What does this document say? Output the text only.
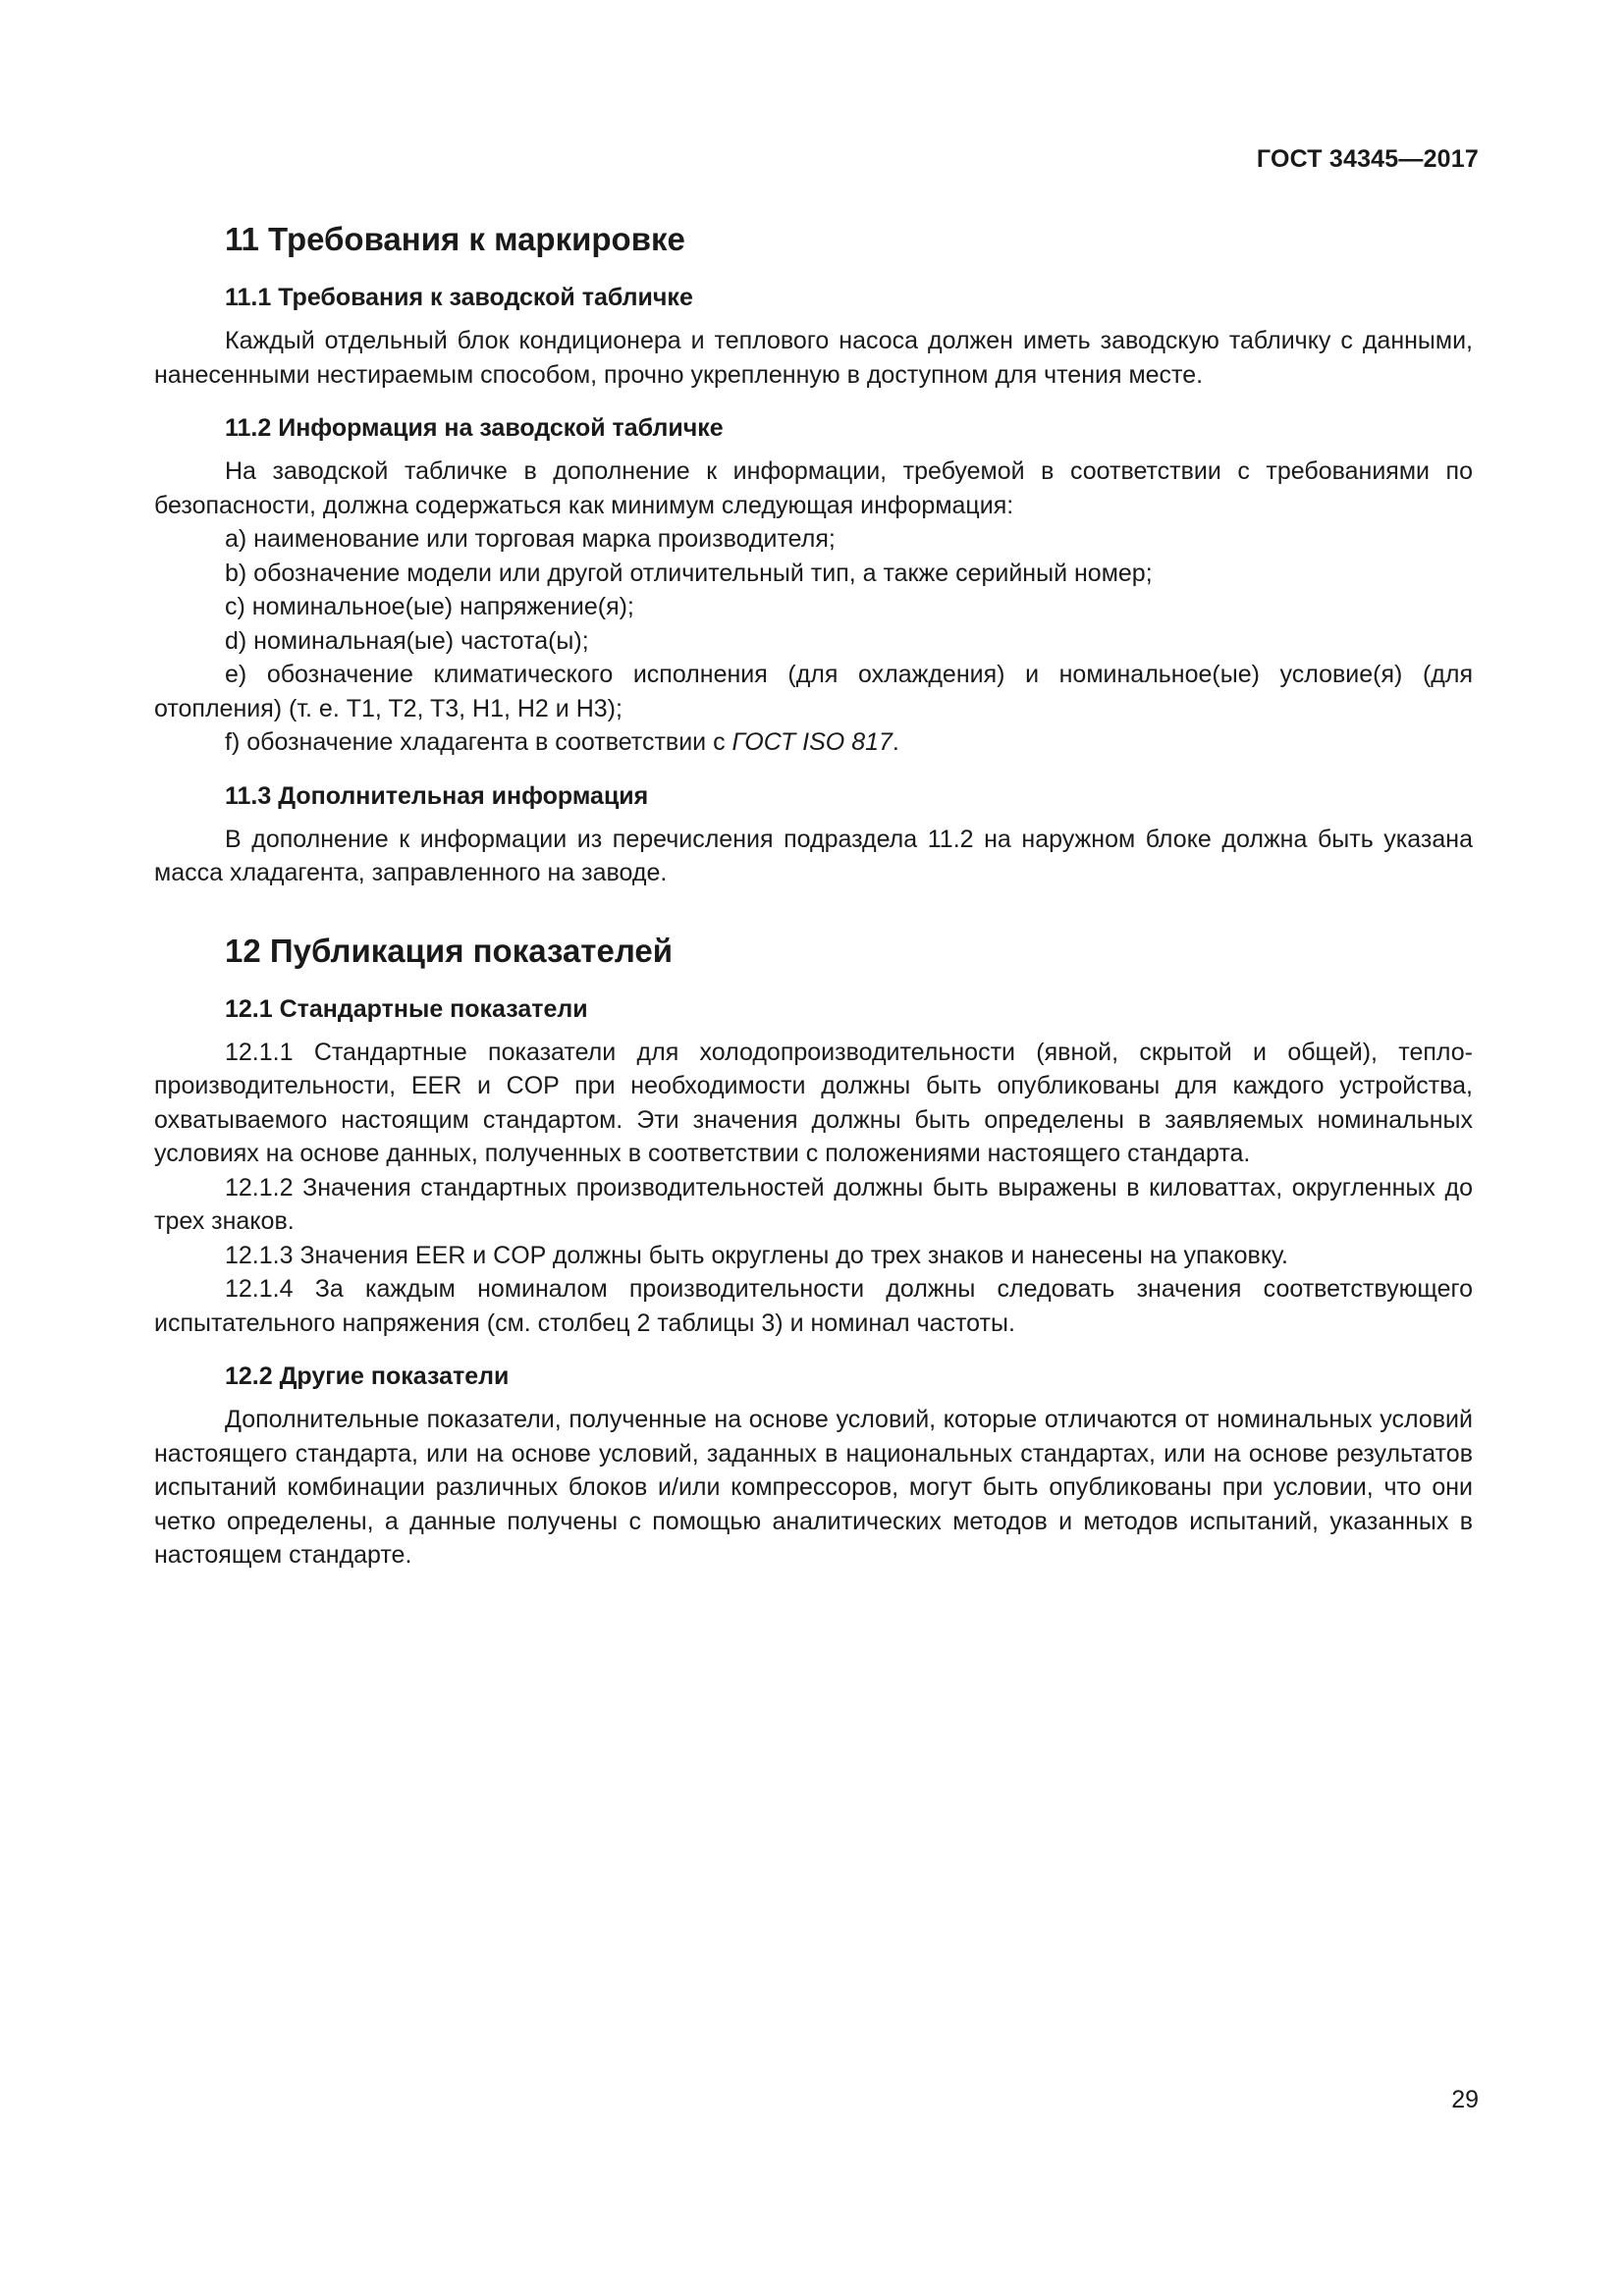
ГОСТ 34345—2017
11 Требования к маркировке
11.1 Требования к заводской табличке

Каждый отдельный блок кондиционера и теплового насоса должен иметь заводскую табличку с данными, нанесенными нестираемым способом, прочно укрепленную в доступном для чтения месте.

11.2 Информация на заводской табличке

На заводской табличке в дополнение к информации, требуемой в соответствии с требованиями по безопасности, должна содержаться как минимум следующая информация:

a) наименование или торговая марка производителя;

b) обозначение модели или другой отличительный тип, а также серийный номер;

c) номинальное(ые) напряжение(я);

d) номинальная(ые) частота(ы);

e) обозначение климатического исполнения (для охлаждения) и номинальное(ые) условие(я) (для отопления) (т. е. T1, T2, T3, H1, H2 и H3);

f) обозначение хладагента в соответствии с ГОСТ ISO 817.

11.3 Дополнительная информация

В дополнение к информации из перечисления подраздела 11.2 на наружном блоке должна быть указана масса хладагента, заправленного на заводе.

12 Публикация показателей
12.1 Стандартные показатели

12.1.1 Стандартные показатели для холодопроизводительности (явной, скрытой и общей), теплопроизводительности, EER и COP при необходимости должны быть опубликованы для каждого устройства, охватываемого настоящим стандартом. Эти значения должны быть определены в заявляемых номинальных условиях на основе данных, полученных в соответствии с положениями настоящего стандарта.

12.1.2 Значения стандартных производительностей должны быть выражены в киловаттах, округленных до трех знаков.

12.1.3 Значения EER и COP должны быть округлены до трех знаков и нанесены на упаковку.

12.1.4 За каждым номиналом производительности должны следовать значения соответствующего испытательного напряжения (см. столбец 2 таблицы 3) и номинал частоты.

12.2 Другие показатели

Дополнительные показатели, полученные на основе условий, которые отличаются от номинальных условий настоящего стандарта, или на основе условий, заданных в национальных стандартах, или на основе результатов испытаний комбинации различных блоков и/или компрессоров, могут быть опубликованы при условии, что они четко определены, а данные получены с помощью аналитических методов и методов испытаний, указанных в настоящем стандарте.

29
